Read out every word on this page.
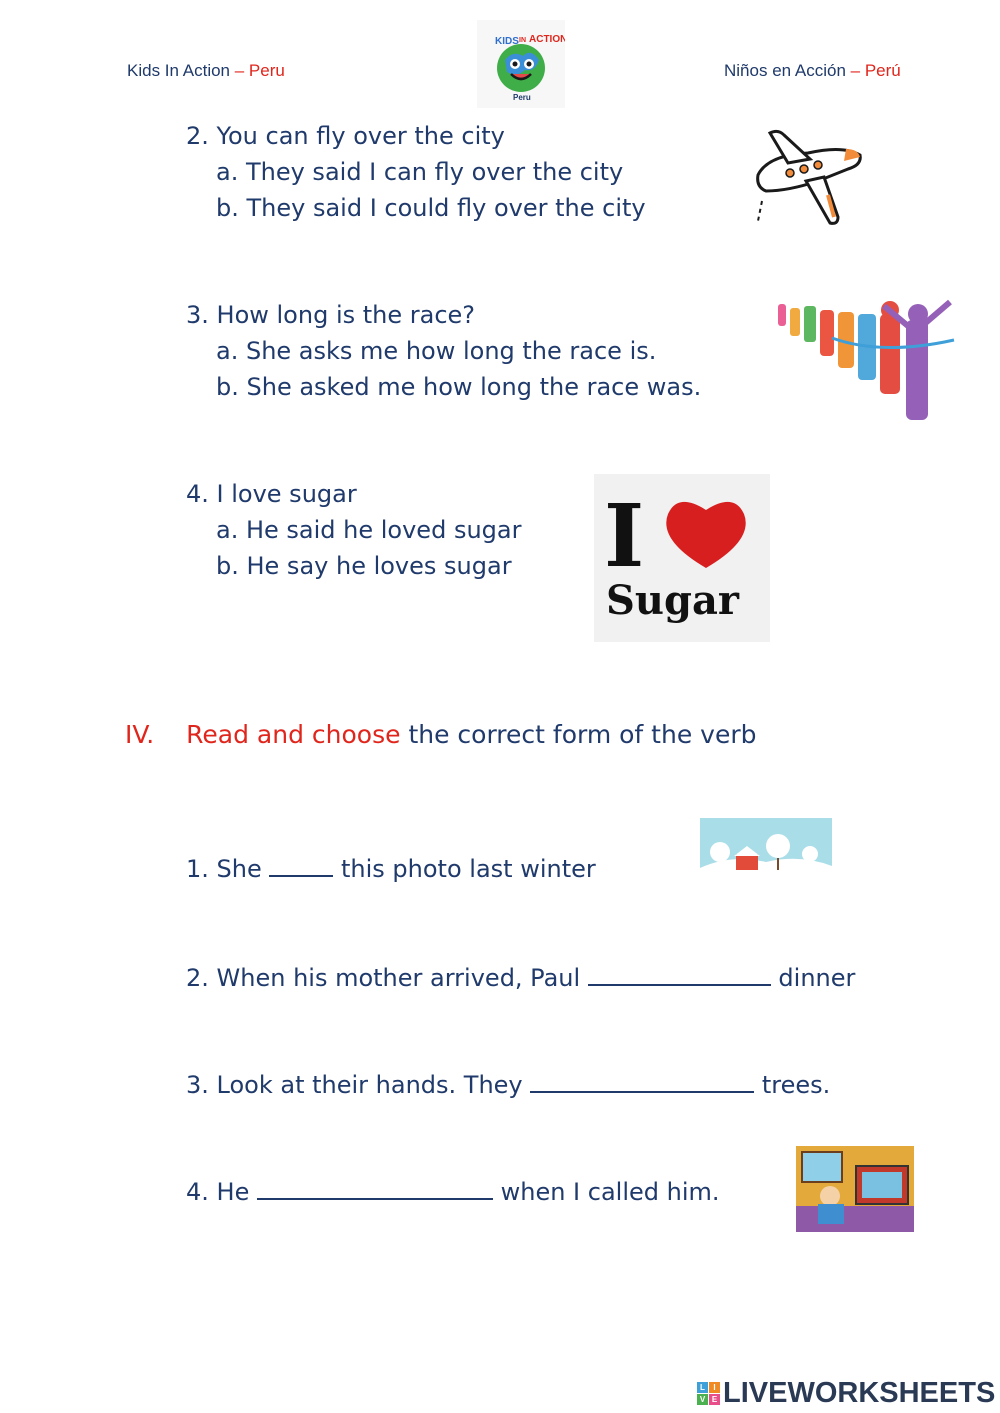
Kids In Action – Peru
KIDS IN ACTION
Peru
Niños en Acción – Perú
2. You can fly over the city
a. They said I can fly over the city
b. They said I could fly over the city
3. How long is the race?
a. She asks me how long the race is.
b. She asked me how long the race was.
4. I love sugar
a. He said he loved sugar
b. He say he loves sugar I
Sugar
IV. Read and choose the correct form of the verb
1. She	this photo last winter
2. When his mother arrived, Paul	dinner
3. Look at their hands. They	trees.
4. He	when I called him.
L	I
V E LIVEWORKSHEETS
